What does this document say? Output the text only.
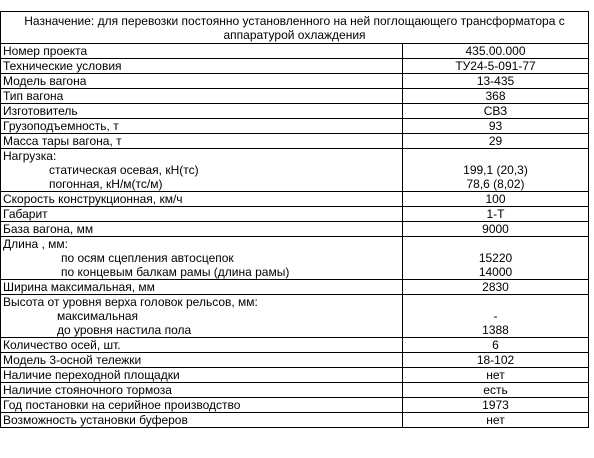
Назначение: для перевозки постоянно установленного на ней поглощающего трансформатора с аппаратурой охлаждения	
Номер проекта	435.00.000
Технические условия	ТУ24-5-091-77
Модель вагона	13-435
Тип вагона	368
Изготовитель	СВЗ
Грузоподъемность, т	93
Масса тары вагона, т	29
Нагрузка:	
статическая осевая, кН(тс)	199,1 (20,3)
погонная, кН/м(тс/м)	78,6 (8,02)
Скорость конструкционная, км/ч	100
Габарит	1-Т
База вагона, мм	9000
Длина , мм:	
по осям сцепления автосцепок	15220
по концевым балкам рамы (длина рамы)	14000
Ширина максимальная, мм	2830
Высота от уровня верха головок рельсов, мм:	
максимальная	-
до уровня настила пола	1388
Количество осей, шт.	6
Модель 3-осной тележки	18-102
Наличие переходной площадки	нет
Наличие стояночного тормоза	есть
Год постановки на серийное производство	1973
Возможность установки буферов	нет
